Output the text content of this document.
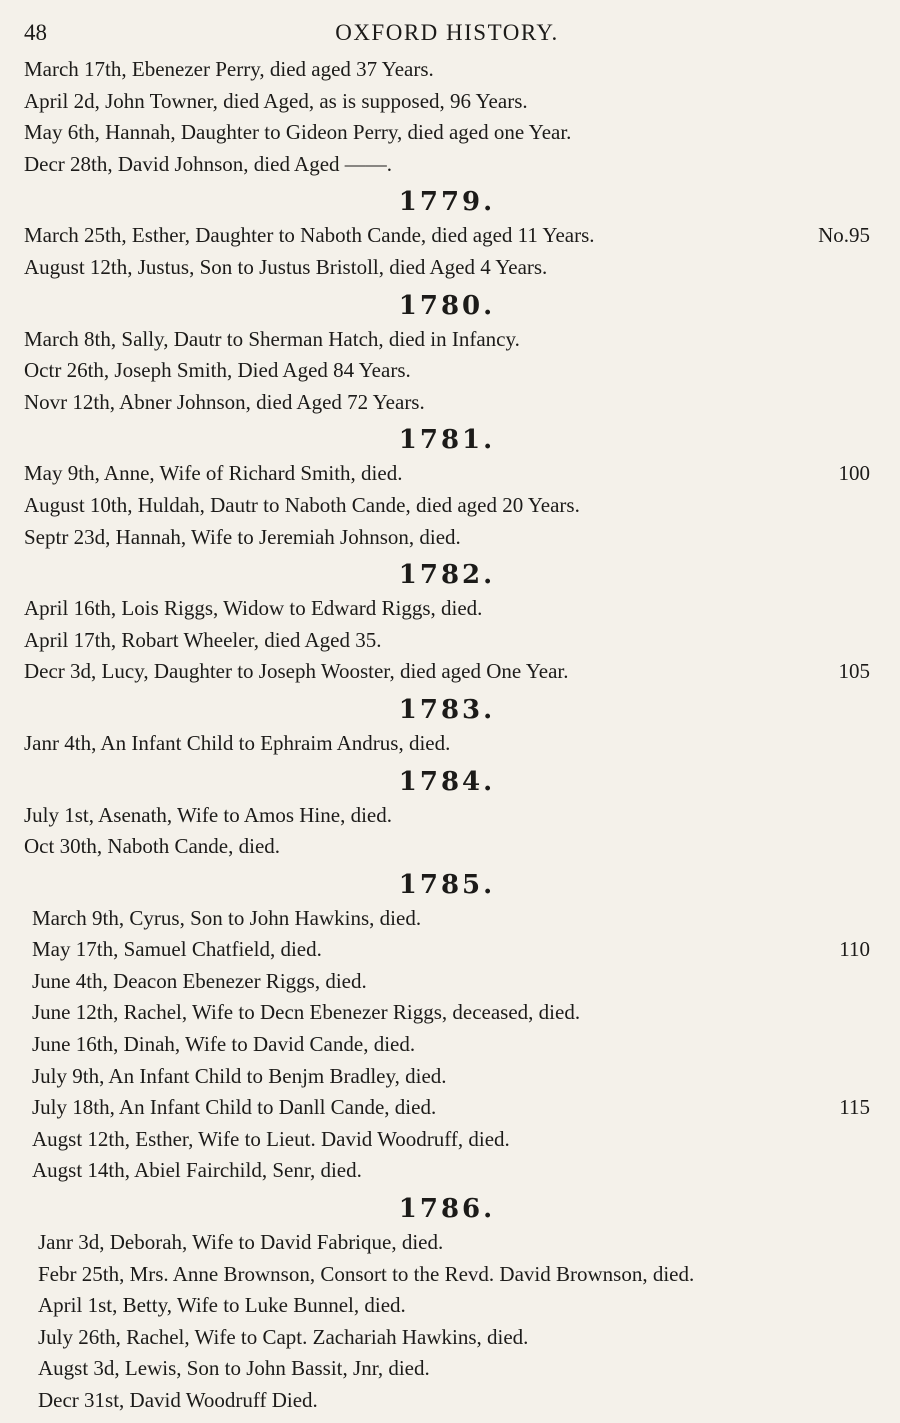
48	OXFORD HISTORY.
March 17th, Ebenezer Perry, died aged 37 Years.
April 2d, John Towner, died Aged, as is supposed, 96 Years.
May 6th, Hannah, Daughter to Gideon Perry, died aged one Year.
Decr 28th, David Johnson, died Aged ——.
1779.
March 25th, Esther, Daughter to Naboth Cande, died aged 11 Years.	No.95
August 12th, Justus, Son to Justus Bristoll, died Aged 4 Years.
1780.
March 8th, Sally, Dautr to Sherman Hatch, died in Infancy.
Octr 26th, Joseph Smith, Died Aged 84 Years.
Novr 12th, Abner Johnson, died Aged 72 Years.
1781.
May 9th, Anne, Wife of Richard Smith, died.	100
August 10th, Huldah, Dautr to Naboth Cande, died aged 20 Years.
Septr 23d, Hannah, Wife to Jeremiah Johnson, died.
1782.
April 16th, Lois Riggs, Widow to Edward Riggs, died.
April 17th, Robart Wheeler, died Aged 35.
Decr 3d, Lucy, Daughter to Joseph Wooster, died aged One Year.	105
1783.
Janr 4th, An Infant Child to Ephraim Andrus, died.
1784.
July 1st, Asenath, Wife to Amos Hine, died.
Oct 30th, Naboth Cande, died.
1785.
March 9th, Cyrus, Son to John Hawkins, died.
May 17th, Samuel Chatfield, died.	110
June 4th, Deacon Ebenezer Riggs, died.
June 12th, Rachel, Wife to Decn Ebenezer Riggs, deceased, died.
June 16th, Dinah, Wife to David Cande, died.
July 9th, An Infant Child to Benjm Bradley, died.
July 18th, An Infant Child to Danll Cande, died.	115
Augst 12th, Esther, Wife to Lieut. David Woodruff, died.
Augst 14th, Abiel Fairchild, Senr, died.
1786.
Janr 3d, Deborah, Wife to David Fabrique, died.
Febr 25th, Mrs. Anne Brownson, Consort to the Revd. David Brownson, died.
April 1st, Betty, Wife to Luke Bunnel, died.
July 26th, Rachel, Wife to Capt. Zachariah Hawkins, died.
Augst 3d, Lewis, Son to John Bassit, Jnr, died.
Decr 31st, David Woodruff Died.
